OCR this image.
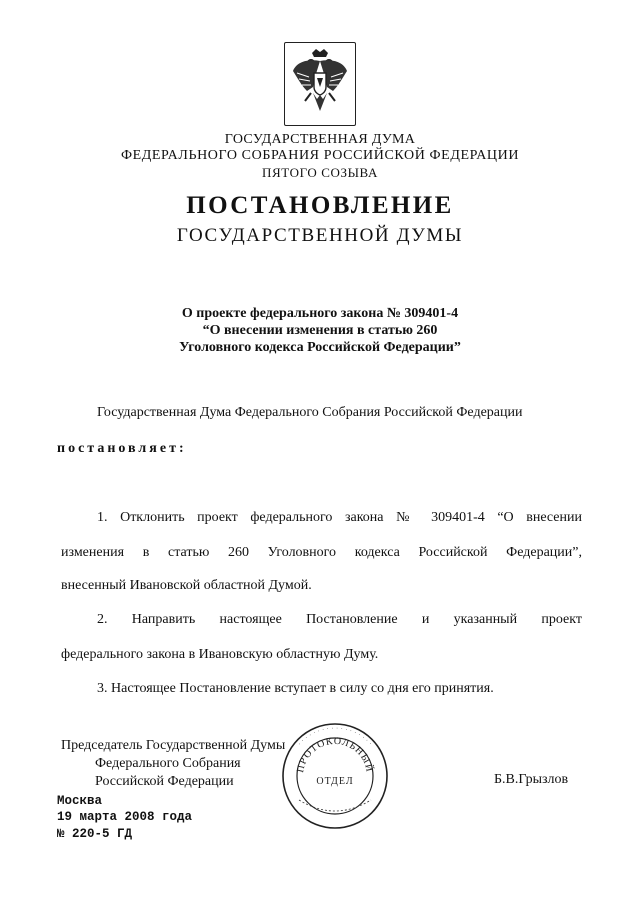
ГОСУДАРСТВЕННАЯ ДУМА
ФЕДЕРАЛЬНОГО СОБРАНИЯ РОССИЙСКОЙ ФЕДЕРАЦИИ
ПЯТОГО СОЗЫВА
ПОСТАНОВЛЕНИЕ
ГОСУДАРСТВЕННОЙ ДУМЫ
О проекте федерального закона № 309401-4
“О внесении изменения в статью 260
Уголовного кодекса Российской Федерации”
Государственная Дума Федерального Собрания Российской Федерации
постановляет:
1. Отклонить проект федерального закона № 309401-4 “О внесении
изменения в статью 260 Уголовного кодекса Российской Федерации”,
внесенный Ивановской областной Думой.
2. Направить настоящее Постановление и указанный проект
федерального закона в Ивановскую областную Думу.
3. Настоящее Постановление вступает в силу со дня его принятия.
Председатель Государственной Думы
Федерального Собрания
Российской Федерации	Б.В.Грызлов
Москва
19 марта 2008 года
№ 220-5 ГД
ПРОТОКОЛЬНЫЙ
· · · · · · · · · · · · · · · · · ·
ОТДЕЛ
